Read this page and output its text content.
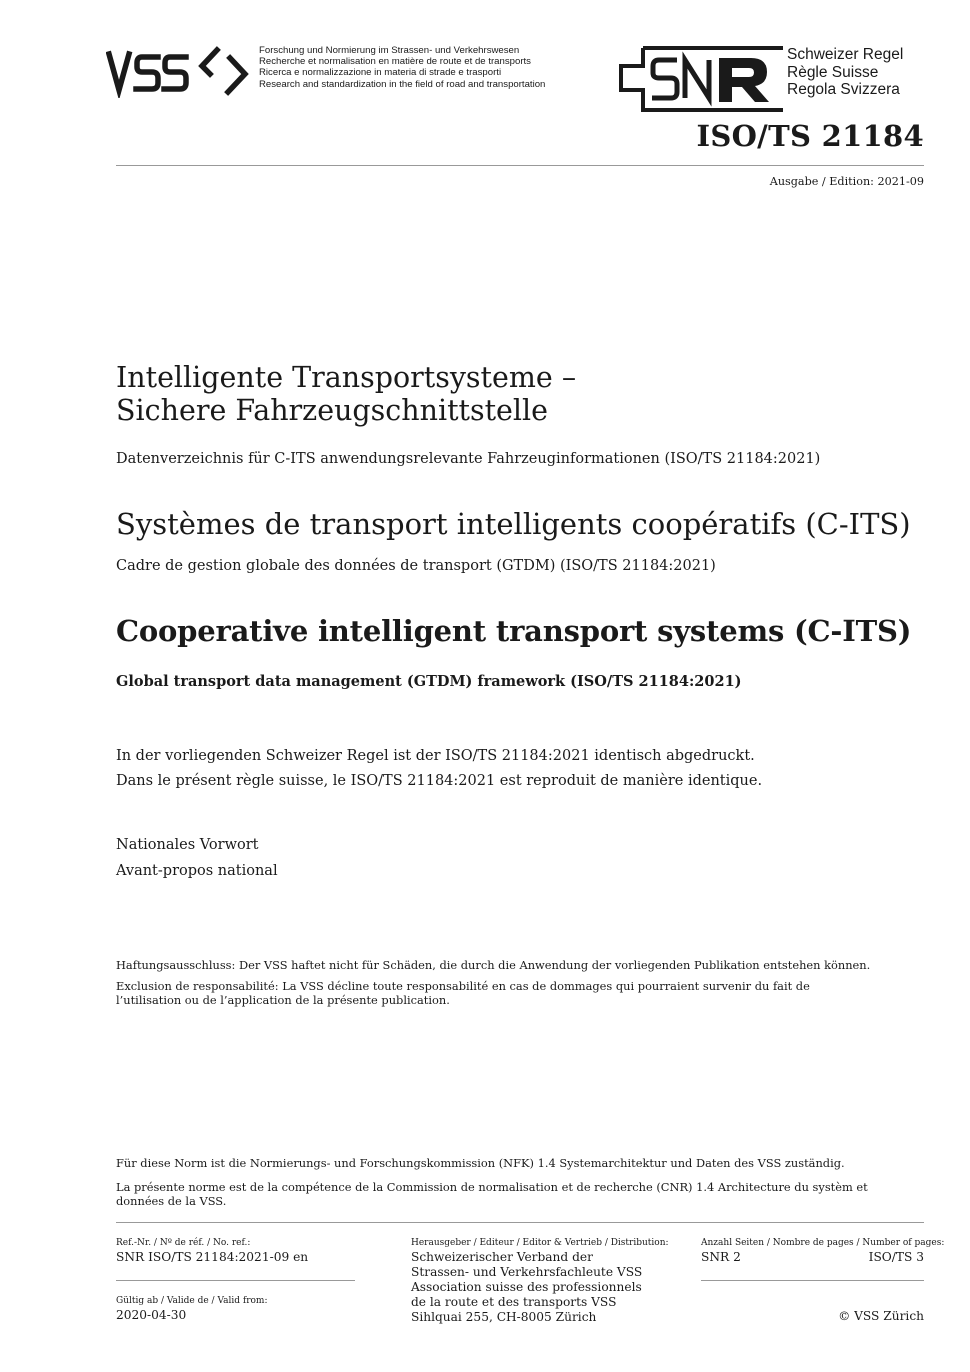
Forschung und Normierung im Strassen- und Verkehrswesen
Recherche et normalisation en matière de route et de transports
Ricerca e normalizzazione in materia di strade e trasporti
Research and standardization in the field of road and transportation
Schweizer Regel
Règle Suisse
Regola Svizzera
ISO/TS 21184
Ausgabe / Edition: 2021-09
Intelligente Transportsysteme –
Sichere Fahrzeugschnittstelle
Datenverzeichnis für C-ITS anwendungsrelevante Fahrzeuginformationen (ISO/TS 21184:2021)
Systèmes de transport intelligents coopératifs (C-ITS)
Cadre de gestion globale des données de transport (GTDM) (ISO/TS 21184:2021)
Cooperative intelligent transport systems (C-ITS)
Global transport data management (GTDM) framework (ISO/TS 21184:2021)
In der vorliegenden Schweizer Regel ist der ISO/TS 21184:2021 identisch abgedruckt.
Dans le présent règle suisse, le ISO/TS 21184:2021 est reproduit de manière identique.
Nationales Vorwort
Avant-propos national
Haftungsausschluss: Der VSS haftet nicht für Schäden, die durch die Anwendung der vorliegenden Publikation entstehen können.
Exclusion de responsabilité: La VSS décline toute responsabilité en cas de dommages qui pourraient survenir du fait de l’utilisation ou de l’application de la présente publication.
Für diese Norm ist die Normierungs- und Forschungskommission (NFK) 1.4 Systemarchitektur und Daten des VSS zuständig.
La présente norme est de la compétence de la Commission de normalisation et de recherche (CNR) 1.4 Architecture du systèm et données de la VSS.
Ref.-Nr. / Nº de réf. / No. ref.:
SNR ISO/TS 21184:2021-09 en
Gültig ab / Valide de / Valid from:
2020-04-30
Herausgeber / Editeur / Editor & Vertrieb / Distribution:
Schweizerischer Verband der
Strassen- und Verkehrsfachleute VSS
Association suisse des professionnels
de la route et des transports VSS
Sihlquai 255, CH-8005 Zürich
Anzahl Seiten / Nombre de pages / Number of pages:
SNR 2	ISO/TS 3
© VSS Zürich
